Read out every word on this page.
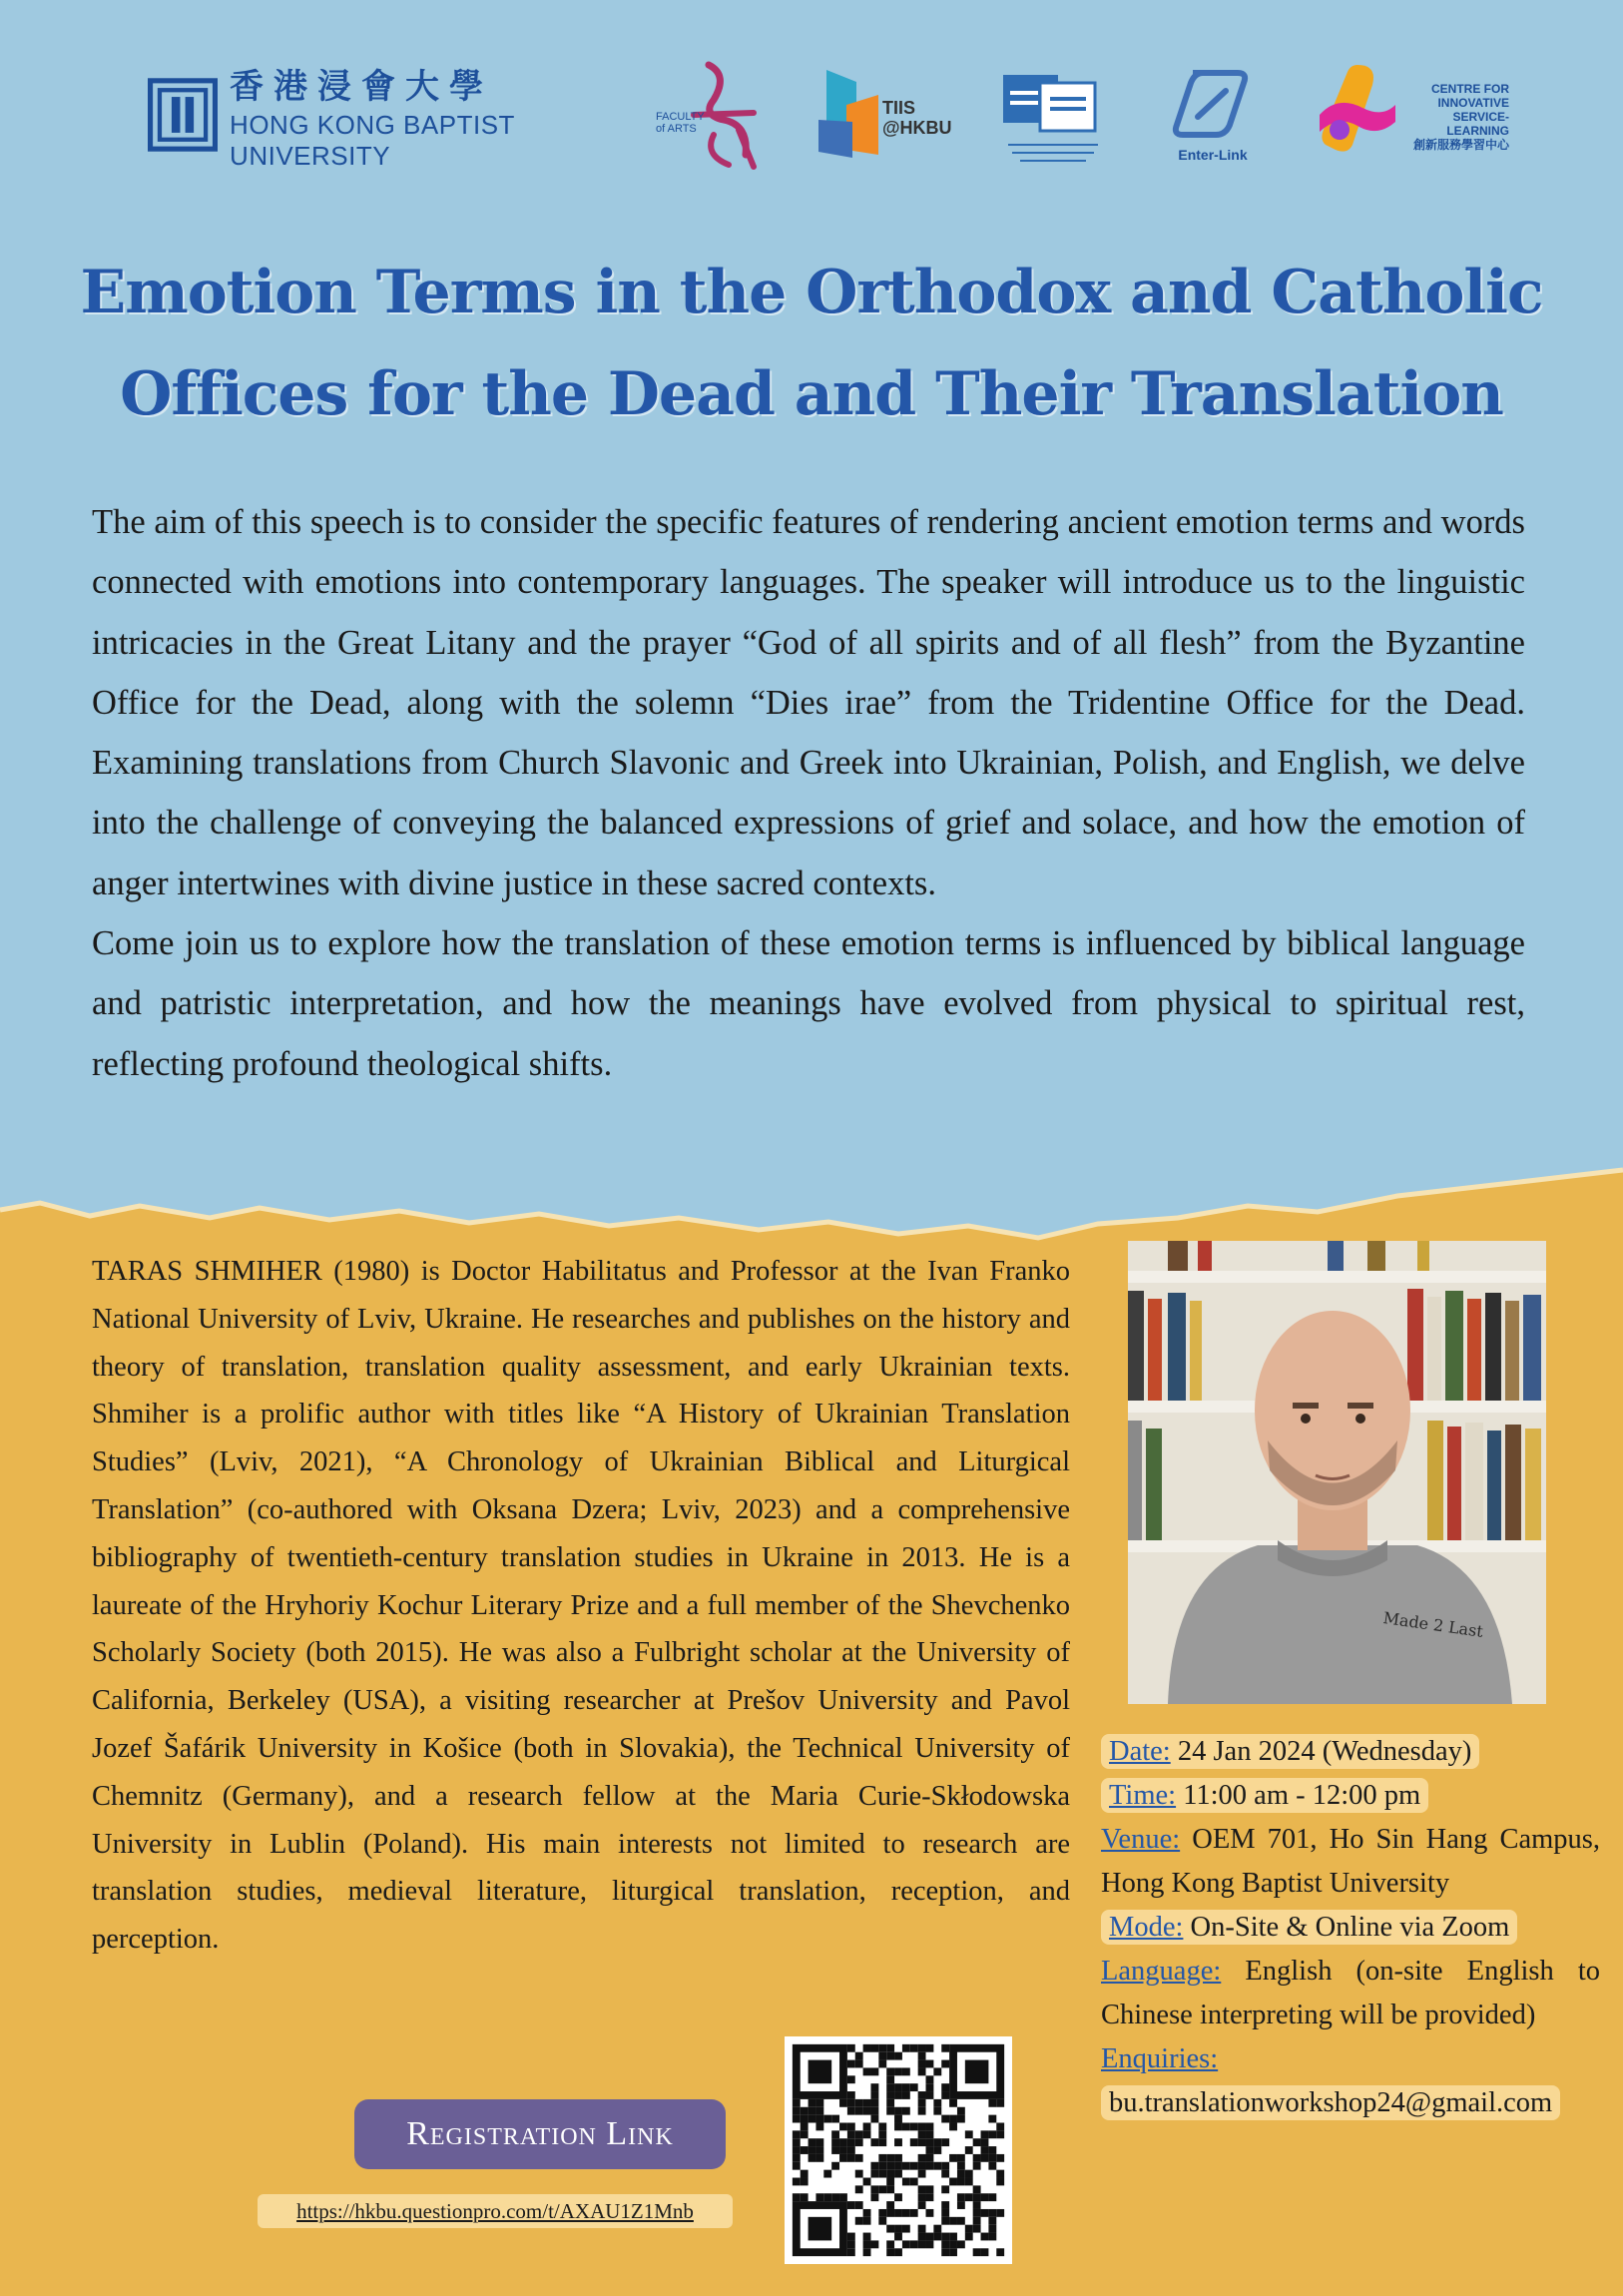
香港浸會大學
HONG KONG BAPTIST UNIVERSITY
FACULTY of ARTS
TIIS @HKBU
Enter-Link
CENTRE FOR
INNOVATIVE
SERVICE-LEARNING
創新服務學習中心
Emotion Terms in the Orthodox and Catholic
Offices for the Dead and Their Translation

The aim of this speech is to consider the specific features of rendering ancient emotion terms and words connected with emotions into contemporary languages. The speaker will introduce us to the linguistic intricacies in the Great Litany and the prayer “God of all spirits and of all flesh” from the Byzantine Office for the Dead, along with the solemn “Dies irae” from the Tridentine Office for the Dead. Examining translations from Church Slavonic and Greek into Ukrainian, Polish, and English, we delve into the challenge of conveying the balanced expressions of grief and solace, and how the emotion of anger intertwines with divine justice in these sacred contexts.

Come join us to explore how the translation of these emotion terms is influenced by biblical language and patristic interpretation, and how the meanings have evolved from physical to spiritual rest, reflecting profound theological shifts.

TARAS SHMIHER (1980) is Doctor Habilitatus and Professor at the Ivan Franko National University of Lviv, Ukraine. He researches and publishes on the history and theory of translation, translation quality assessment, and early Ukrainian texts. Shmiher is a prolific author with titles like “A History of Ukrainian Translation Studies” (Lviv, 2021), “A Chronology of Ukrainian Biblical and Liturgical Translation” (co-authored with Oksana Dzera; Lviv, 2023) and a comprehensive bibliography of twentieth-century translation studies in Ukraine in 2013. He is a laureate of the Hryhoriy Kochur Literary Prize and a full member of the Shevchenko Scholarly Society (both 2015). He was also a Fulbright scholar at the University of California, Berkeley (USA), a visiting researcher at Prešov University and Pavol Jozef Šafárik University in Košice (both in Slovakia), the Technical University of Chemnitz (Germany), and a research fellow at the Maria Curie-Skłodowska University in Lublin (Poland). His main interests not limited to research are translation studies, medieval literature, liturgical translation, reception, and perception.
Made 2 Last
Date: 24 Jan 2024 (Wednesday)
Time: 11:00 am - 12:00 pm
Venue: OEM 701, Ho Sin Hang Campus, Hong Kong Baptist University
Mode: On-Site & Online via Zoom
Language: English (on-site English to Chinese interpreting will be provided)
Enquiries:
bu.translationworkshop24@gmail.com
Registration Link
https://hkbu.questionpro.com/t/AXAU1Z1Mnb
